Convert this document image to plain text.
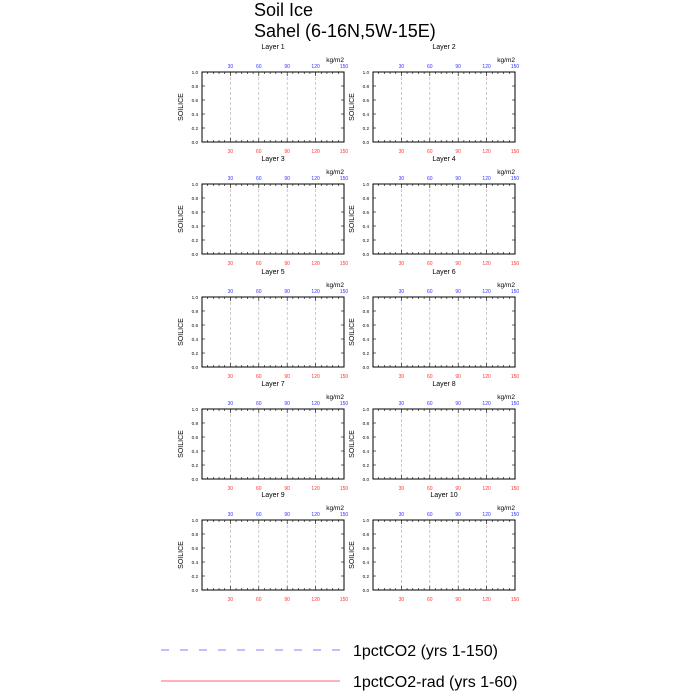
Soil Ice
Sahel (6-16N,5W-15E)
Layer 1
kg/m2
30
30
60
60
90
90
120
120
150
150
0.0
0.2
0.4
0.6
0.8
1.0
SOILICE
Layer 2
kg/m2
30
30
60
60
90
90
120
120
150
150
0.0
0.2
0.4
0.6
0.8
1.0
SOILICE
Layer 3
kg/m2
30
30
60
60
90
90
120
120
150
150
0.0
0.2
0.4
0.6
0.8
1.0
SOILICE
Layer 4
kg/m2
30
30
60
60
90
90
120
120
150
150
0.0
0.2
0.4
0.6
0.8
1.0
SOILICE
Layer 5
kg/m2
30
30
60
60
90
90
120
120
150
150
0.0
0.2
0.4
0.6
0.8
1.0
SOILICE
Layer 6
kg/m2
30
30
60
60
90
90
120
120
150
150
0.0
0.2
0.4
0.6
0.8
1.0
SOILICE
Layer 7
kg/m2
30
30
60
60
90
90
120
120
150
150
0.0
0.2
0.4
0.6
0.8
1.0
SOILICE
Layer 8
kg/m2
30
30
60
60
90
90
120
120
150
150
0.0
0.2
0.4
0.6
0.8
1.0
SOILICE
Layer 9
kg/m2
30
30
60
60
90
90
120
120
150
150
0.0
0.2
0.4
0.6
0.8
1.0
SOILICE
Layer 10
kg/m2
30
30
60
60
90
90
120
120
150
150
0.0
0.2
0.4
0.6
0.8
1.0
SOILICE
1pctCO2 (yrs 1-150)
1pctCO2-rad (yrs 1-60)
